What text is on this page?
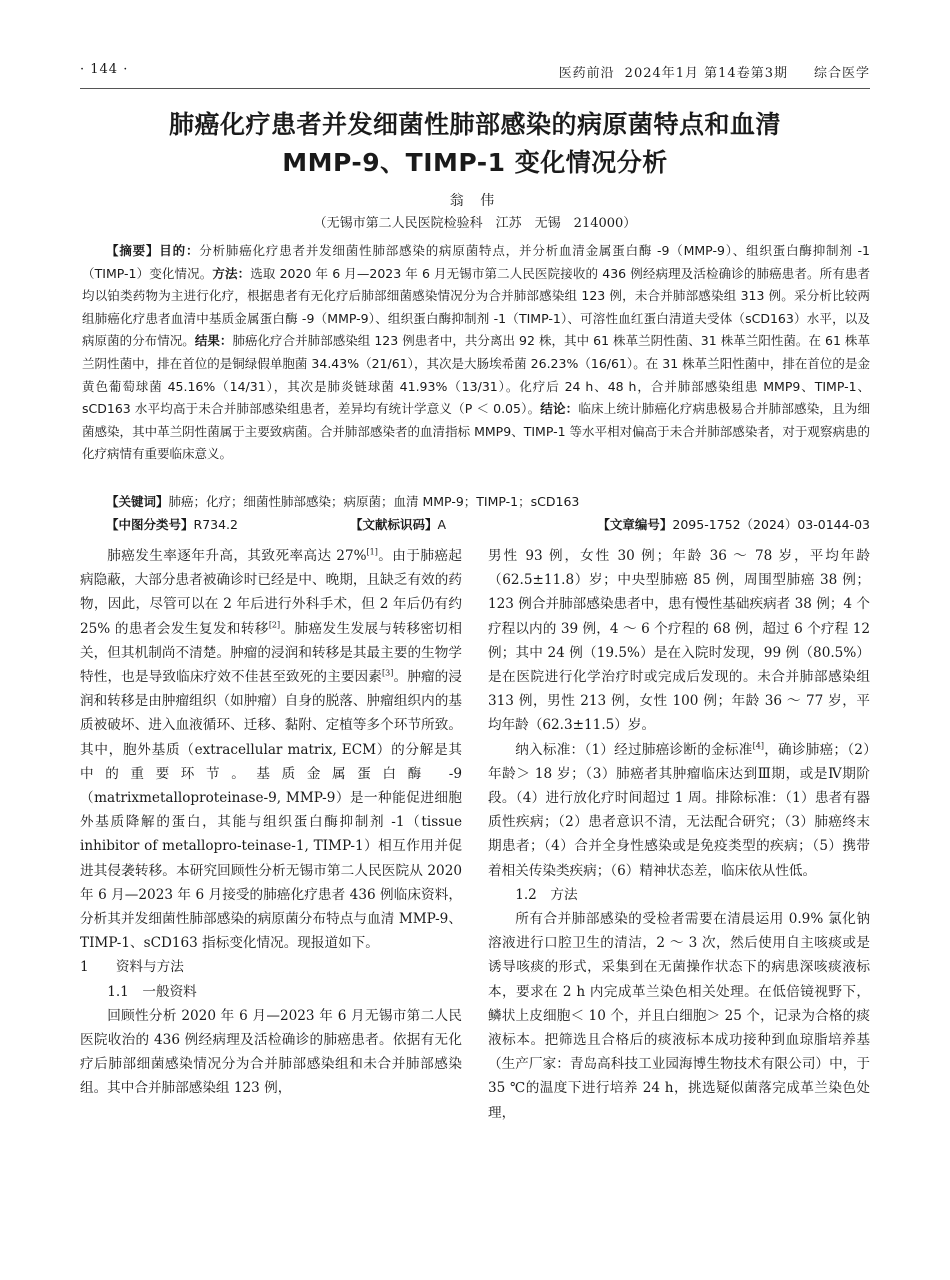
· 144 ·	医药前沿 2024年1月 第14卷第3期 综合医学
肺癌化疗患者并发细菌性肺部感染的病原菌特点和血清
MMP-9、TIMP-1 变化情况分析
翁 伟
（无锡市第二人民医院检验科　江苏　无锡　214000）
【摘要】目的：分析肺癌化疗患者并发细菌性肺部感染的病原菌特点，并分析血清金属蛋白酶 -9（MMP-9）、组织蛋白酶抑制剂 -1（TIMP-1）变化情况。方法：选取 2020 年 6 月—2023 年 6 月无锡市第二人民医院接收的 436 例经病理及活检确诊的肺癌患者。所有患者均以铂类药物为主进行化疗，根据患者有无化疗后肺部细菌感染情况分为合并肺部感染组 123 例，未合并肺部感染组 313 例。采分析比较两组肺癌化疗患者血清中基质金属蛋白酶 -9（MMP-9）、组织蛋白酶抑制剂 -1（TIMP-1）、可溶性血红蛋白清道夫受体（sCD163）水平，以及病原菌的分布情况。结果：肺癌化疗合并肺部感染组 123 例患者中，共分离出 92 株，其中 61 株革兰阴性菌、31 株革兰阳性菌。在 61 株革兰阴性菌中，排在首位的是铜绿假单胞菌 34.43%（21/61），其次是大肠埃希菌 26.23%（16/61）。在 31 株革兰阳性菌中，排在首位的是金黄色葡萄球菌 45.16%（14/31），其次是肺炎链球菌 41.93%（13/31）。化疗后 24 h、48 h，合并肺部感染组患 MMP9、TIMP-1、sCD163 水平均高于未合并肺部感染组患者，差异均有统计学意义（P ＜ 0.05）。结论：临床上统计肺癌化疗病患极易合并肺部感染，且为细菌感染，其中革兰阴性菌属于主要致病菌。合并肺部感染者的血清指标 MMP9、TIMP-1 等水平相对偏高于未合并肺部感染者，对于观察病患的化疗病情有重要临床意义。
【关键词】肺癌；化疗；细菌性肺部感染；病原菌；血清 MMP-9；TIMP-1；sCD163
【中图分类号】R734.2	【文献标识码】A	【文章编号】2095-1752（2024）03-0144-03

肺癌发生率逐年升高，其致死率高达 27%[1]。由于肺癌起病隐蔽，大部分患者被确诊时已经是中、晚期，且缺乏有效的药物，因此，尽管可以在 2 年后进行外科手术，但 2 年后仍有约 25% 的患者会发生复发和转移[2]。肺癌发生发展与转移密切相关，但其机制尚不清楚。肿瘤的浸润和转移是其最主要的生物学特性，也是导致临床疗效不佳甚至致死的主要因素[3]。肿瘤的浸润和转移是由肿瘤组织（如肿瘤）自身的脱落、肿瘤组织内的基质被破坏、进入血液循环、迁移、黏附、定植等多个环节所致。其中，胞外基质（extracellular matrix, ECM）的分解是其中的重要环节。基质金属蛋白酶 -9（matrixmetalloproteinase-9, MMP-9）是一种能促进细胞外基质降解的蛋白，其能与组织蛋白酶抑制剂 -1（tissue inhibitor of metallopro-teinase-1, TIMP-1）相互作用并促进其侵袭转移。本研究回顾性分析无锡市第二人民医院从 2020 年 6 月—2023 年 6 月接受的肺癌化疗患者 436 例临床资料，分析其并发细菌性肺部感染的病原菌分布特点与血清 MMP-9、TIMP-1、sCD163 指标变化情况。现报道如下。

1　　资料与方法

1.1　一般资料

回顾性分析 2020 年 6 月—2023 年 6 月无锡市第二人民医院收治的 436 例经病理及活检确诊的肺癌患者。依据有无化疗后肺部细菌感染情况分为合并肺部感染组和未合并肺部感染组。其中合并肺部感染组 123 例，

男性 93 例，女性 30 例；年龄 36 ～ 78 岁，平均年龄（62.5±11.8）岁；中央型肺癌 85 例，周围型肺癌 38 例；123 例合并肺部感染患者中，患有慢性基础疾病者 38 例；4 个疗程以内的 39 例，4 ～ 6 个疗程的 68 例，超过 6 个疗程 12 例；其中 24 例（19.5%）是在入院时发现，99 例（80.5%）是在医院进行化学治疗时或完成后发现的。未合并肺部感染组 313 例，男性 213 例，女性 100 例；年龄 36 ～ 77 岁，平均年龄（62.3±11.5）岁。

纳入标准：（1）经过肺癌诊断的金标准[4]，确诊肺癌；（2）年龄＞ 18 岁；（3）肺癌者其肿瘤临床达到Ⅲ期，或是Ⅳ期阶段。（4）进行放化疗时间超过 1 周。排除标准：（1）患者有器质性疾病；（2）患者意识不清，无法配合研究；（3）肺癌终末期患者；（4）合并全身性感染或是免疫类型的疾病；（5）携带着相关传染类疾病；（6）精神状态差，临床依从性低。

1.2　方法

所有合并肺部感染的受检者需要在清晨运用 0.9% 氯化钠溶液进行口腔卫生的清洁，2 ～ 3 次，然后使用自主咳痰或是诱导咳痰的形式，采集到在无菌操作状态下的病患深咳痰液标本，要求在 2 h 内完成革兰染色相关处理。在低倍镜视野下，鳞状上皮细胞＜ 10 个，并且白细胞＞ 25 个，记录为合格的痰液标本。把筛选且合格后的痰液标本成功接种到血琼脂培养基（生产厂家：青岛高科技工业园海博生物技术有限公司）中，于 35 ℃的温度下进行培养 24 h，挑选疑似菌落完成革兰染色处理，
